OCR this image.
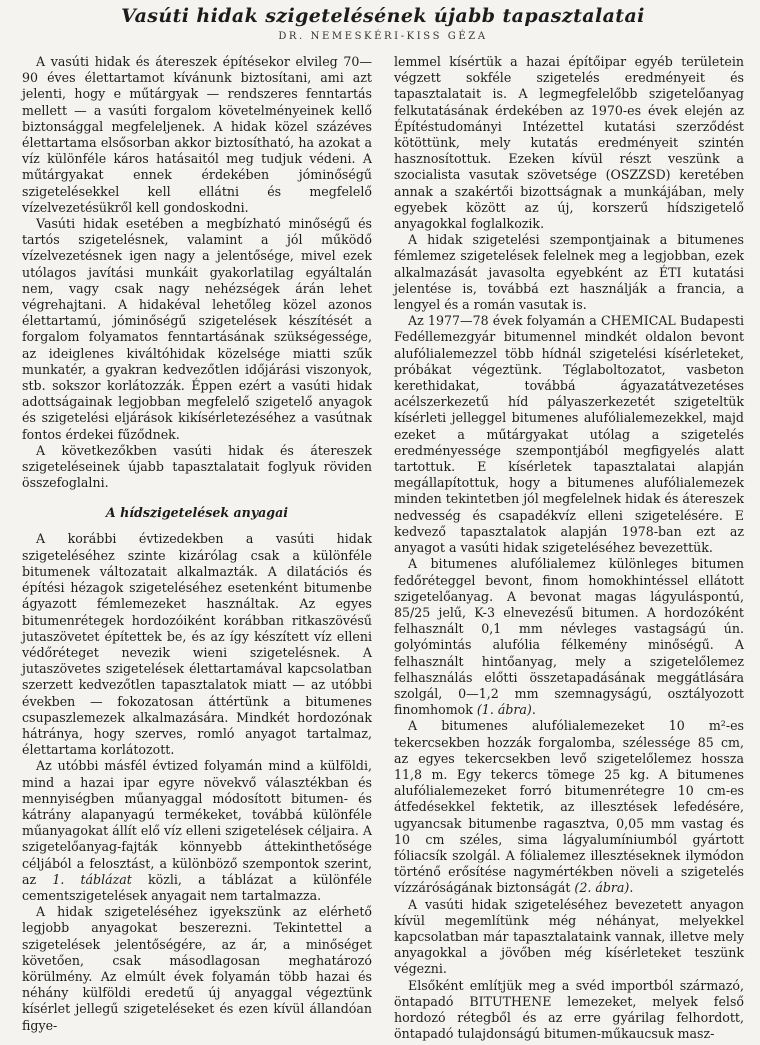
Vasúti hidak szigetelésének újabb tapasztalatai
DR. NEMESKÉRI-KISS GÉZA

A vasúti hidak és átereszek építésekor elvileg 70—90 éves élettartamot kívánunk biztosítani, ami azt jelenti, hogy e műtárgyak — rendszeres fenntartás mellett — a vasúti forgalom követelményeinek kellő biztonsággal megfeleljenek. A hidak közel százéves élettartama elsősorban akkor biztosítható, ha azokat a víz különféle káros hatásaitól meg tudjuk védeni. A műtárgyakat ennek érdekében jóminőségű szigetelésekkel kell ellátni és megfelelő vízelvezetésükről kell gondoskodni.

Vasúti hidak esetében a megbízható minőségű és tartós szigetelésnek, valamint a jól működő vízelvezetésnek igen nagy a jelentősége, mivel ezek utólagos javítási munkáit gyakorlatilag egyáltalán nem, vagy csak nagy nehézségek árán lehet végrehajtani. A hidakéval lehetőleg közel azonos élettartamú, jóminőségű szigetelések készítését a forgalom folyamatos fenntartásának szükségessége, az ideiglenes kiváltóhidak közelsége miatti szűk munkatér, a gyakran kedvezőtlen időjárási viszonyok, stb. sokszor korlátozzák. Éppen ezért a vasúti hidak adottságainak legjobban megfelelő szigetelő anyagok és szigetelési eljárások kikísérletezéséhez a vasútnak fontos érdekei fűződnek.

A következőkben vasúti hidak és átereszek szigeteléseinek újabb tapasztalatait foglyuk röviden összefoglalni.

A hídszigetelések anyagai

A korábbi évtizedekben a vasúti hidak szigeteléséhez szinte kizárólag csak a különféle bitumenek változatait alkalmazták. A dilatációs és építési hézagok szigeteléséhez esetenként bitumenbe ágyazott fémlemezeket használtak. Az egyes bitumenrétegek hordozóiként korábban ritkaszövésű jutaszövetet építettek be, és az így készített víz elleni védőréteget nevezik wieni szigetelésnek. A jutaszövetes szigetelések élettartamával kapcsolatban szerzett kedvezőtlen tapasztalatok miatt — az utóbbi években — fokozatosan áttértünk a bitumenes csupaszlemezek alkalmazására. Mindkét hordozónak hátránya, hogy szerves, romló anyagot tartalmaz, élettartama korlátozott.

Az utóbbi másfél évtized folyamán mind a külföldi, mind a hazai ipar egyre növekvő választékban és mennyiségben műanyaggal módosított bitumen- és kátrány alapanyagú termékeket, továbbá különféle műanyagokat állít elő víz elleni szigetelések céljaira. A szigetelőanyag-fajták könnyebb áttekinthetősége céljából a felosztást, a különböző szempontok szerint, az 1. táblázat közli, a táblázat a különféle cementszigetelések anyagait nem tartalmazza.

A hidak szigeteléséhez igyekszünk az elérhető legjobb anyagokat beszerezni. Tekintettel a szigetelések jelentőségére, az ár, a minőséget követően, csak másodlagosan meghatározó körülmény. Az elmúlt évek folyamán több hazai és néhány külföldi eredetű új anyaggal végeztünk kísérlet jellegű szigeteléseket és ezen kívül állandóan figye-

lemmel kísértük a hazai építőipar egyéb területein végzett sokféle szigetelés eredményeit és tapasztalatait is. A legmegfelelőbb szigetelőanyag felkutatásának érdekében az 1970-es évek elején az Építéstudományi Intézettel kutatási szerződést kötöttünk, mely kutatás eredményeit szintén hasznosítottuk. Ezeken kívül részt veszünk a szocialista vasutak szövetsége (OSZZSD) keretében annak a szakértői bizottságnak a munkájában, mely egyebek között az új, korszerű hídszigetelő anyagokkal foglalkozik.

A hidak szigetelési szempontjainak a bitumenes fémlemez szigetelések felelnek meg a legjobban, ezek alkalmazását javasolta egyebként az ÉTI kutatási jelentése is, továbbá ezt használják a francia, a lengyel és a román vasutak is.

Az 1977—78 évek folyamán a CHEMICAL Budapesti Fedéllemezgyár bitumennel mindkét oldalon bevont alufólialemezzel több hídnál szigetelési kísérleteket, próbákat végeztünk. Téglaboltozatot, vasbeton kerethidakat, továbbá ágyazatátvezetéses acélszerkezetű híd pályaszerkezetét szigeteltük kísérleti jelleggel bitumenes alufólialemezekkel, majd ezeket a műtárgyakat utólag a szigetelés eredményessége szempontjából megfigyelés alatt tartottuk. E kísérletek tapasztalatai alapján megállapítottuk, hogy a bitumenes alufólialemezek minden tekintetben jól megfelelnek hidak és átereszek nedvesség és csapadékvíz elleni szigetelésére. E kedvező tapasztalatok alapján 1978-ban ezt az anyagot a vasúti hidak szigeteléséhez bevezettük.

A bitumenes alufólialemez különleges bitumen fedőréteggel bevont, finom homokhintéssel ellátott szigetelőanyag. A bevonat magas lágyuláspontú, 85/25 jelű, K-3 elnevezésű bitumen. A hordozóként felhasznált 0,1 mm névleges vastagságú ún. golyómintás alufólia félkemény minőségű. A felhasznált hintőanyag, mely a szigetelőlemez felhasználás előtti összetapadásának meggátlására szolgál, 0—1,2 mm szemnagyságú, osztályozott finomhomok (1. ábra).

A bitumenes alufólialemezeket 10 m²-es tekercsekben hozzák forgalomba, szélessége 85 cm, az egyes tekercsekben levő szigetelőlemez hossza 11,8 m. Egy tekercs tömege 25 kg. A bitumenes alufólialemezeket forró bitumenrétegre 10 cm-es átfedésekkel fektetik, az illesztések lefedésére, ugyancsak bitumenbe ragasztva, 0,05 mm vastag és 10 cm széles, sima lágyalumíniumból gyártott fóliacsík szolgál. A fólialemez illesztéseknek ilymódon történő erősítése nagymértékben növeli a szigetelés vízzáróságának biztonságát (2. ábra).

A vasúti hidak szigeteléséhez bevezetett anyagon kívül megemlítünk még néhányat, melyekkel kapcsolatban már tapasztalataink vannak, illetve mely anyagokkal a jövőben még kísérleteket teszünk végezni.

Elsőként említjük meg a svéd importból származó, öntapadó BITUTHENE lemezeket, melyek felső hordozó rétegből és az erre gyárilag felhordott, öntapadó tulajdonságú bitumen-műkaucsuk masz-
